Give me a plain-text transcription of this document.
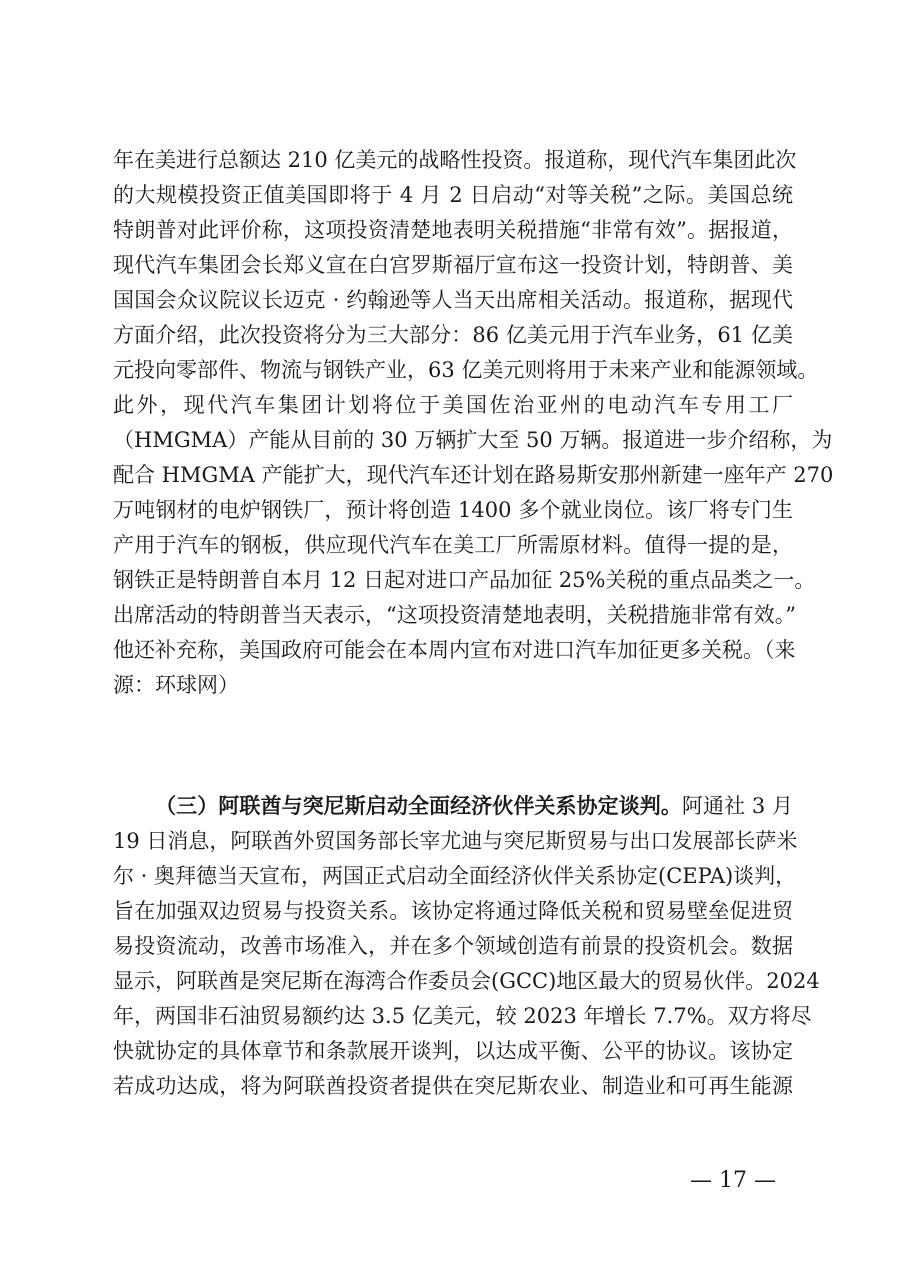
年在美进行总额达 210 亿美元的战略性投资。报道称，现代汽车集团此次
的大规模投资正值美国即将于 4 月 2 日启动“对等关税”之际。美国总统
特朗普对此评价称，这项投资清楚地表明关税措施“非常有效”。据报道，
现代汽车集团会长郑义宣在白宫罗斯福厅宣布这一投资计划，特朗普、美
国国会众议院议长迈克 · 约翰逊等人当天出席相关活动。报道称，据现代
方面介绍，此次投资将分为三大部分：86 亿美元用于汽车业务，61 亿美
元投向零部件、物流与钢铁产业，63 亿美元则将用于未来产业和能源领域。
此外，现代汽车集团计划将位于美国佐治亚州的电动汽车专用工厂
（HMGMA）产能从目前的 30 万辆扩大至 50 万辆。报道进一步介绍称，为
配合 HMGMA 产能扩大，现代汽车还计划在路易斯安那州新建一座年产 270
万吨钢材的电炉钢铁厂，预计将创造 1400 多个就业岗位。该厂将专门生
产用于汽车的钢板，供应现代汽车在美工厂所需原材料。值得一提的是，
钢铁正是特朗普自本月 12 日起对进口产品加征 25%关税的重点品类之一。
出席活动的特朗普当天表示，“这项投资清楚地表明，关税措施非常有效。”
他还补充称，美国政府可能会在本周内宣布对进口汽车加征更多关税。（来
源：环球网）
（三）阿联酋与突尼斯启动全面经济伙伴关系协定谈判。阿通社 3 月
19 日消息，阿联酋外贸国务部长宰尤迪与突尼斯贸易与出口发展部长萨米
尔 · 奥拜德当天宣布，两国正式启动全面经济伙伴关系协定(CEPA)谈判，
旨在加强双边贸易与投资关系。该协定将通过降低关税和贸易壁垒促进贸
易投资流动，改善市场准入，并在多个领域创造有前景的投资机会。数据
显示，阿联酋是突尼斯在海湾合作委员会(GCC)地区最大的贸易伙伴。2024
年，两国非石油贸易额约达 3.5 亿美元，较 2023 年增长 7.7%。双方将尽
快就协定的具体章节和条款展开谈判，以达成平衡、公平的协议。该协定
若成功达成，将为阿联酋投资者提供在突尼斯农业、制造业和可再生能源
— 17 —
